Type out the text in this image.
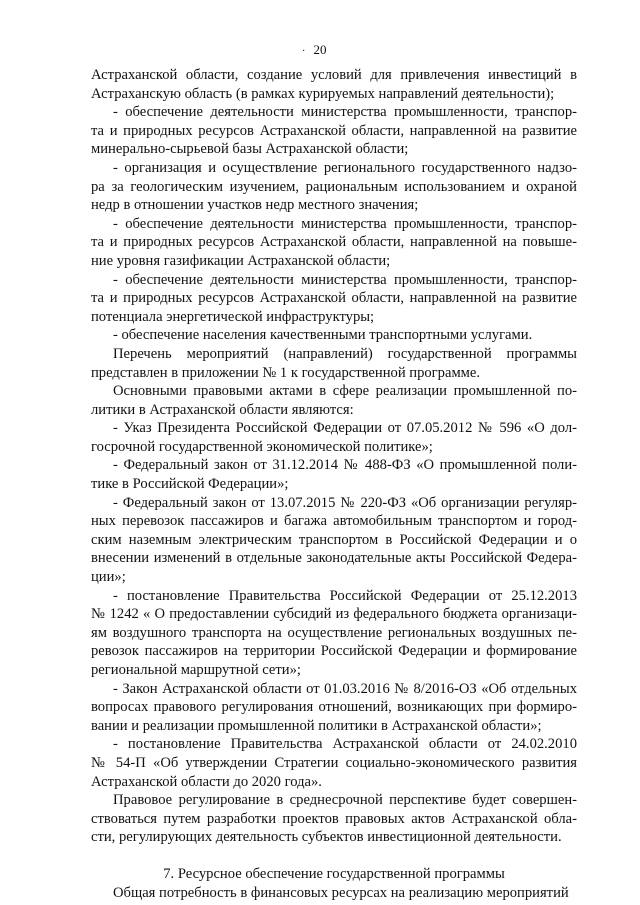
20
·
Астраханской области, создание условий для привлечения инвестиций в
Астраханскую область (в рамках курируемых направлений деятельности);
- обеспечение деятельности министерства промышленности, транспор-
та и природных ресурсов Астраханской области, направленной на развитие
минерально-сырьевой базы Астраханской области;
- организация и осуществление регионального государственного надзо-
ра за геологическим изучением, рациональным использованием и охраной
недр в отношении участков недр местного значения;
- обеспечение деятельности министерства промышленности, транспор-
та и природных ресурсов Астраханской области, направленной на повыше-
ние уровня газификации Астраханской области;
- обеспечение деятельности министерства промышленности, транспор-
та и природных ресурсов Астраханской области, направленной на развитие
потенциала энергетической инфраструктуры;
- обеспечение населения качественными транспортными услугами.
Перечень мероприятий (направлений) государственной программы
представлен в приложении № 1 к государственной программе.
Основными правовыми актами в сфере реализации промышленной по-
литики в Астраханской области являются:
- Указ Президента Российской Федерации от 07.05.2012 № 596 «О дол-
госрочной государственной экономической политике»;
- Федеральный закон от 31.12.2014 № 488-ФЗ «О промышленной поли-
тике в Российской Федерации»;
- Федеральный закон от 13.07.2015 № 220-ФЗ «Об организации регуляр-
ных перевозок пассажиров и багажа автомобильным транспортом и город-
ским наземным электрическим транспортом в Российской Федерации и о
внесении изменений в отдельные законодательные акты Российской Федера-
ции»;
- постановление Правительства Российской Федерации от 25.12.2013
№ 1242 « О предоставлении субсидий из федерального бюджета организаци-
ям воздушного транспорта на осуществление региональных воздушных пе-
ревозок пассажиров на территории Российской Федерации и формирование
региональной маршрутной сети»;
- Закон Астраханской области от 01.03.2016 № 8/2016-ОЗ «Об отдельных
вопросах правового регулирования отношений, возникающих при формиро-
вании и реализации промышленной политики в Астраханской области»;
- постановление Правительства Астраханской области от 24.02.2010
№ 54-П «Об утверждении Стратегии социально-экономического развития
Астраханской области до 2020 года».
Правовое регулирование в среднесрочной перспективе будет совершен-
ствоваться путем разработки проектов правовых актов Астраханской обла-
сти, регулирующих деятельность субъектов инвестиционной деятельности.
7. Ресурсное обеспечение государственной программы
Общая потребность в финансовых ресурсах на реализацию мероприятий
